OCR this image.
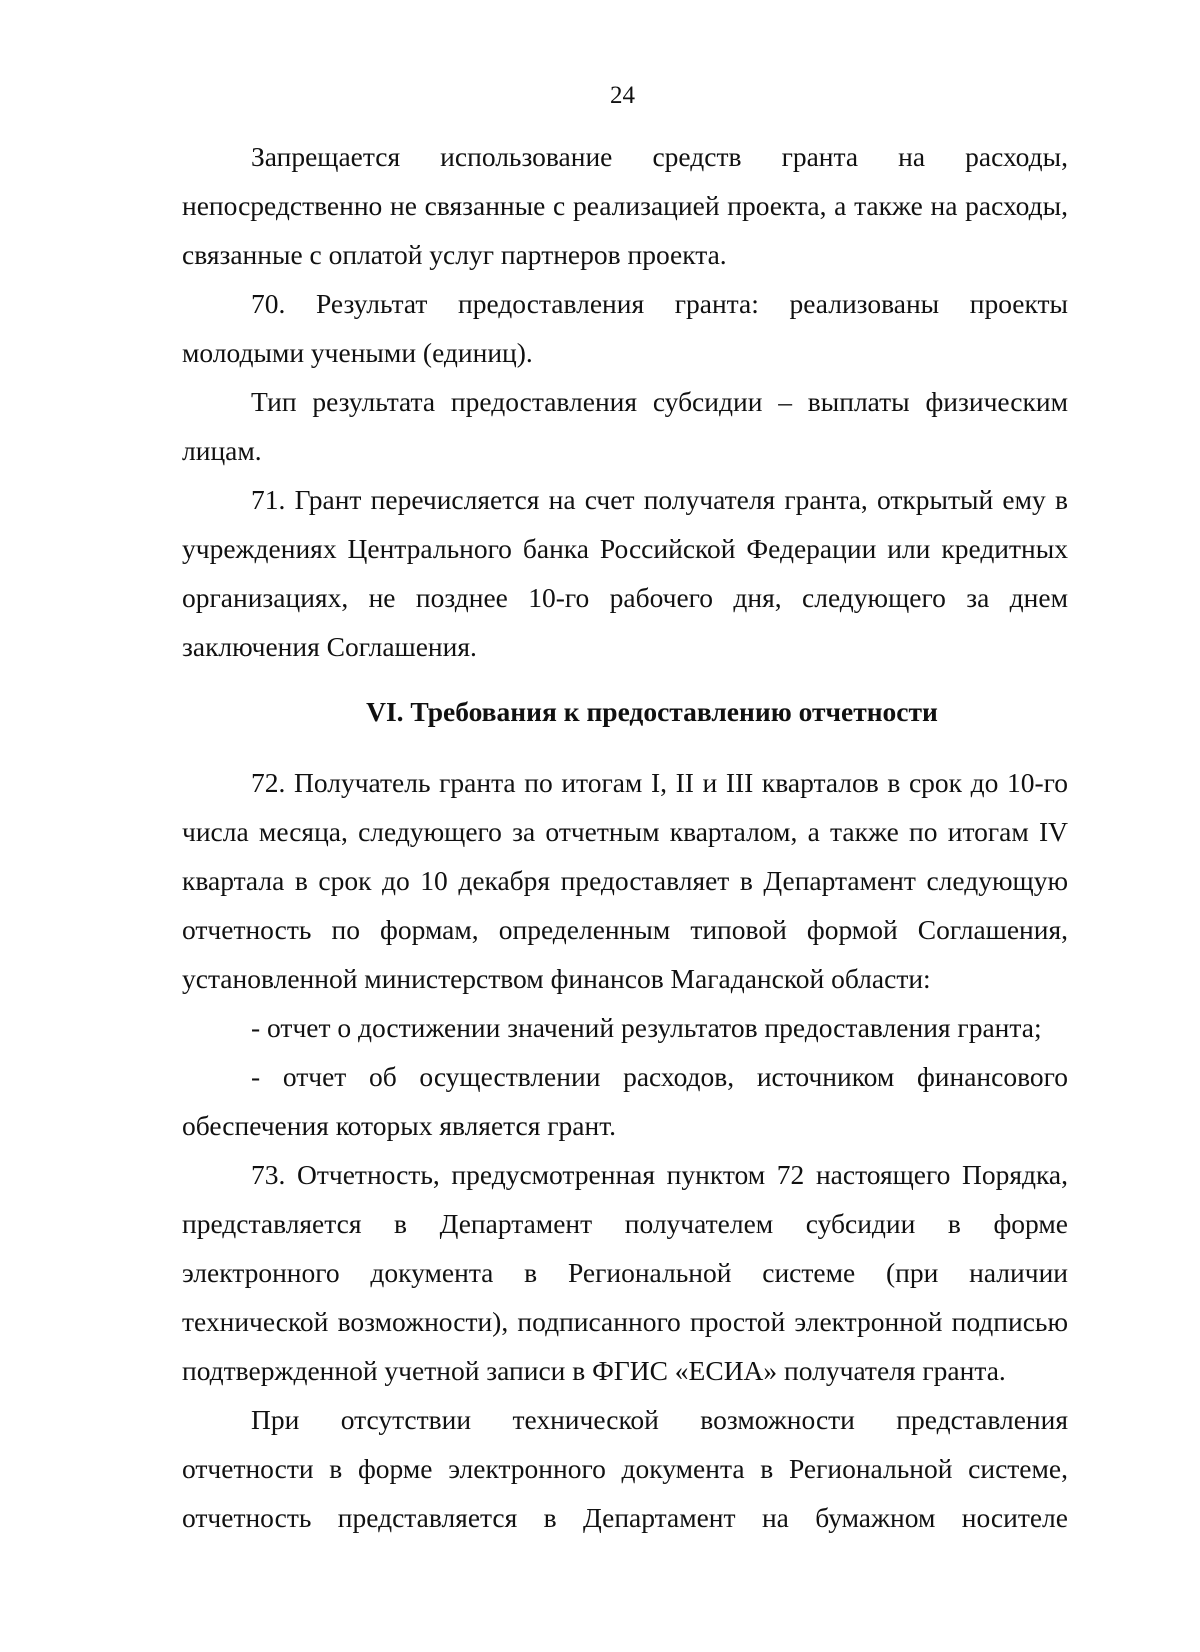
24

Запрещается использование средств гранта на расходы, непосредственно не связанные с реализацией проекта, а также на расходы, связанные с оплатой услуг партнеров проекта.

70. Результат предоставления гранта: реализованы проекты молодыми учеными (единиц).

Тип результата предоставления субсидии – выплаты физическим лицам.

71. Грант перечисляется на счет получателя гранта, открытый ему в учреждениях Центрального банка Российской Федерации или кредитных организациях, не позднее 10-го рабочего дня, следующего за днем заключения Соглашения.

VI. Требования к предоставлению отчетности

72. Получатель гранта по итогам I, II и III кварталов в срок до 10-го числа месяца, следующего за отчетным кварталом, а также по итогам IV квартала в срок до 10 декабря предоставляет в Департамент следующую отчетность по формам, определенным типовой формой Соглашения, установленной министерством финансов Магаданской области:

- отчет о достижении значений результатов предоставления гранта;

- отчет об осуществлении расходов, источником финансового обеспечения которых является грант.

73. Отчетность, предусмотренная пунктом 72 настоящего Порядка, представляется в Департамент получателем субсидии в форме электронного документа в Региональной системе (при наличии технической возможности), подписанного простой электронной подписью подтвержденной учетной записи в ФГИС «ЕСИА» получателя гранта.

При отсутствии технической возможности представления отчетности в форме электронного документа в Региональной системе, отчетность представляется в Департамент на бумажном носителе
